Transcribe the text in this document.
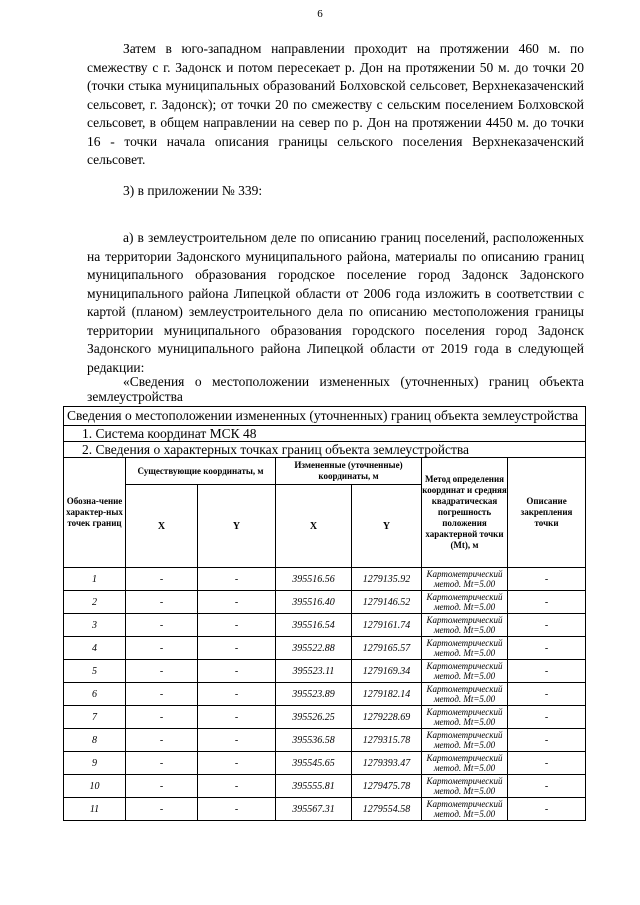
6

Затем в юго-западном направлении проходит на протяжении 460 м. по смежеству с г. Задонск и потом пересекает р. Дон на протяжении 50 м. до точки 20 (точки стыка муниципальных образований Болховской сельсовет, Верхнеказачeнский сельсовет, г. Задонск); от точки 20 по смежеству с сельским поселением Болховской сельсовет, в общем направлении на север по р. Дон на протяжении 4450 м. до точки 16 - точки начала описания границы сельского поселения Верхнеказачeнский сельсовет.

3) в приложении № 339:

а) в землеустроительном деле по описанию границ поселений, расположенных на территории Задонского муниципального района, материалы по описанию границ муниципального образования городское поселение город Задонск Задонского муниципального района Липецкой области от 2006 года изложить в соответствии с картой (планом) землеустроительного дела по описанию местоположения границы территории муниципального образования городского поселения город Задонск Задонского муниципального района Липецкой области от 2019 года в следующей редакции:

«Сведения о местоположении измененных (уточненных) границ объекта землеустройства

Сведения о местоположении измененных (уточненных) границ объекта землеустройства						
1. Система координат МСК 48						
2. Сведения о характерных точках границ объекта землеустройства						
Обозна-чение характер-ных точек границ	Существующие координаты, м		Измененные (уточненные) координаты, м		Метод определения координат и средняя квадратическая погрешность положения характерной точки (Mt), м	Описание закрепления точки
	X	Y	X	Y		
1	-	-	395516.56	1279135.92	Картометрический метод. Mt=5.00	-
2	-	-	395516.40	1279146.52	Картометрический метод. Mt=5.00	-
3	-	-	395516.54	1279161.74	Картометрический метод. Mt=5.00	-
4	-	-	395522.88	1279165.57	Картометрический метод. Mt=5.00	-
5	-	-	395523.11	1279169.34	Картометрический метод. Mt=5.00	-
6	-	-	395523.89	1279182.14	Картометрический метод. Mt=5.00	-
7	-	-	395526.25	1279228.69	Картометрический метод. Mt=5.00	-
8	-	-	395536.58	1279315.78	Картометрический метод. Mt=5.00	-
9	-	-	395545.65	1279393.47	Картометрический метод. Mt=5.00	-
10	-	-	395555.81	1279475.78	Картометрический метод. Mt=5.00	-
11	-	-	395567.31	1279554.58	Картометрический метод. Mt=5.00	-
